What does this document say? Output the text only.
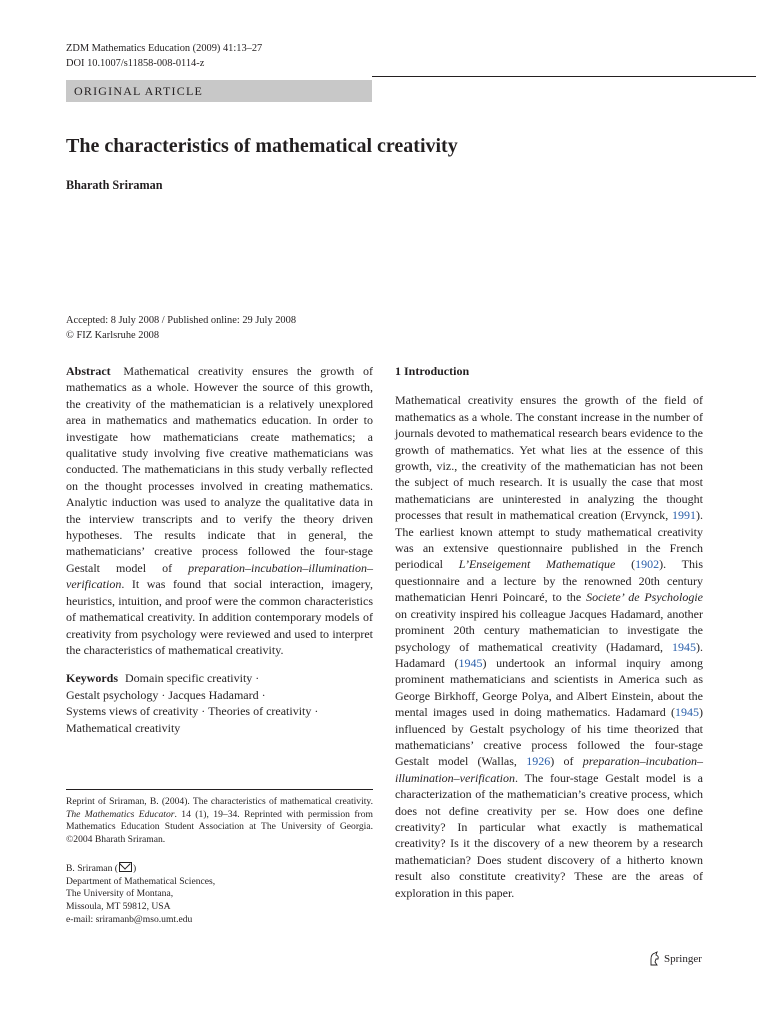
ZDM Mathematics Education (2009) 41:13–27
DOI 10.1007/s11858-008-0114-z
ORIGINAL ARTICLE
The characteristics of mathematical creativity
Bharath Sriraman
Accepted: 8 July 2008 / Published online: 29 July 2008
© FIZ Karlsruhe 2008

Abstract Mathematical creativity ensures the growth of mathematics as a whole. However the source of this growth, the creativity of the mathematician is a relatively unexplored area in mathematics and mathematics education. In order to investigate how mathematicians create mathematics; a qualitative study involving five creative mathematicians was conducted. The mathematicians in this study verbally reflected on the thought processes involved in creating mathematics. Analytic induction was used to analyze the qualitative data in the interview transcripts and to verify the theory driven hypotheses. The results indicate that in general, the mathematicians’ creative process followed the four-stage Gestalt model of preparation–incubation–illumination–verification. It was found that social interaction, imagery, heuristics, intuition, and proof were the common characteristics of mathematical creativity. In addition contemporary models of creativity from psychology were reviewed and used to interpret the characteristics of mathematical creativity.

Keywords Domain specific creativity ·
Gestalt psychology · Jacques Hadamard ·
Systems views of creativity · Theories of creativity ·
Mathematical creativity

Reprint of Sriraman, B. (2004). The characteristics of mathematical creativity. The Mathematics Educator. 14 (1), 19–34. Reprinted with permission from Mathematics Education Student Association at The University of Georgia. ©2004 Bharath Sriraman.

B. Sriraman ( )

Department of Mathematical Sciences,

The University of Montana,

Missoula, MT 59812, USA

e-mail: sriramanb@mso.umt.edu

1 Introduction

Mathematical creativity ensures the growth of the field of mathematics as a whole. The constant increase in the number of journals devoted to mathematical research bears evidence to the growth of mathematics. Yet what lies at the essence of this growth, viz., the creativity of the mathematician has not been the subject of much research. It is usually the case that most mathematicians are uninterested in analyzing the thought processes that result in mathematical creation (Ervynck, 1991). The earliest known attempt to study mathematical creativity was an extensive questionnaire published in the French periodical L’Enseigement Mathematique (1902). This questionnaire and a lecture by the renowned 20th century mathematician Henri Poincaré, to the Societe’ de Psychologie on creativity inspired his colleague Jacques Hadamard, another prominent 20th century mathematician to investigate the psychology of mathematical creativity (Hadamard, 1945). Hadamard (1945) undertook an informal inquiry among prominent mathematicians and scientists in America such as George Birkhoff, George Polya, and Albert Einstein, about the mental images used in doing mathematics. Hadamard (1945) influenced by Gestalt psychology of his time theorized that mathematicians’ creative process followed the four-stage Gestalt model (Wallas, 1926) of preparation–incubation–illumination–verification. The four-stage Gestalt model is a characterization of the mathematician’s creative process, which does not define creativity per se. How does one define creativity? In particular what exactly is mathematical creativity? Is it the discovery of a new theorem by a research mathematician? Does student discovery of a hitherto known result also constitute creativity? These are the areas of exploration in this paper.

Springer
